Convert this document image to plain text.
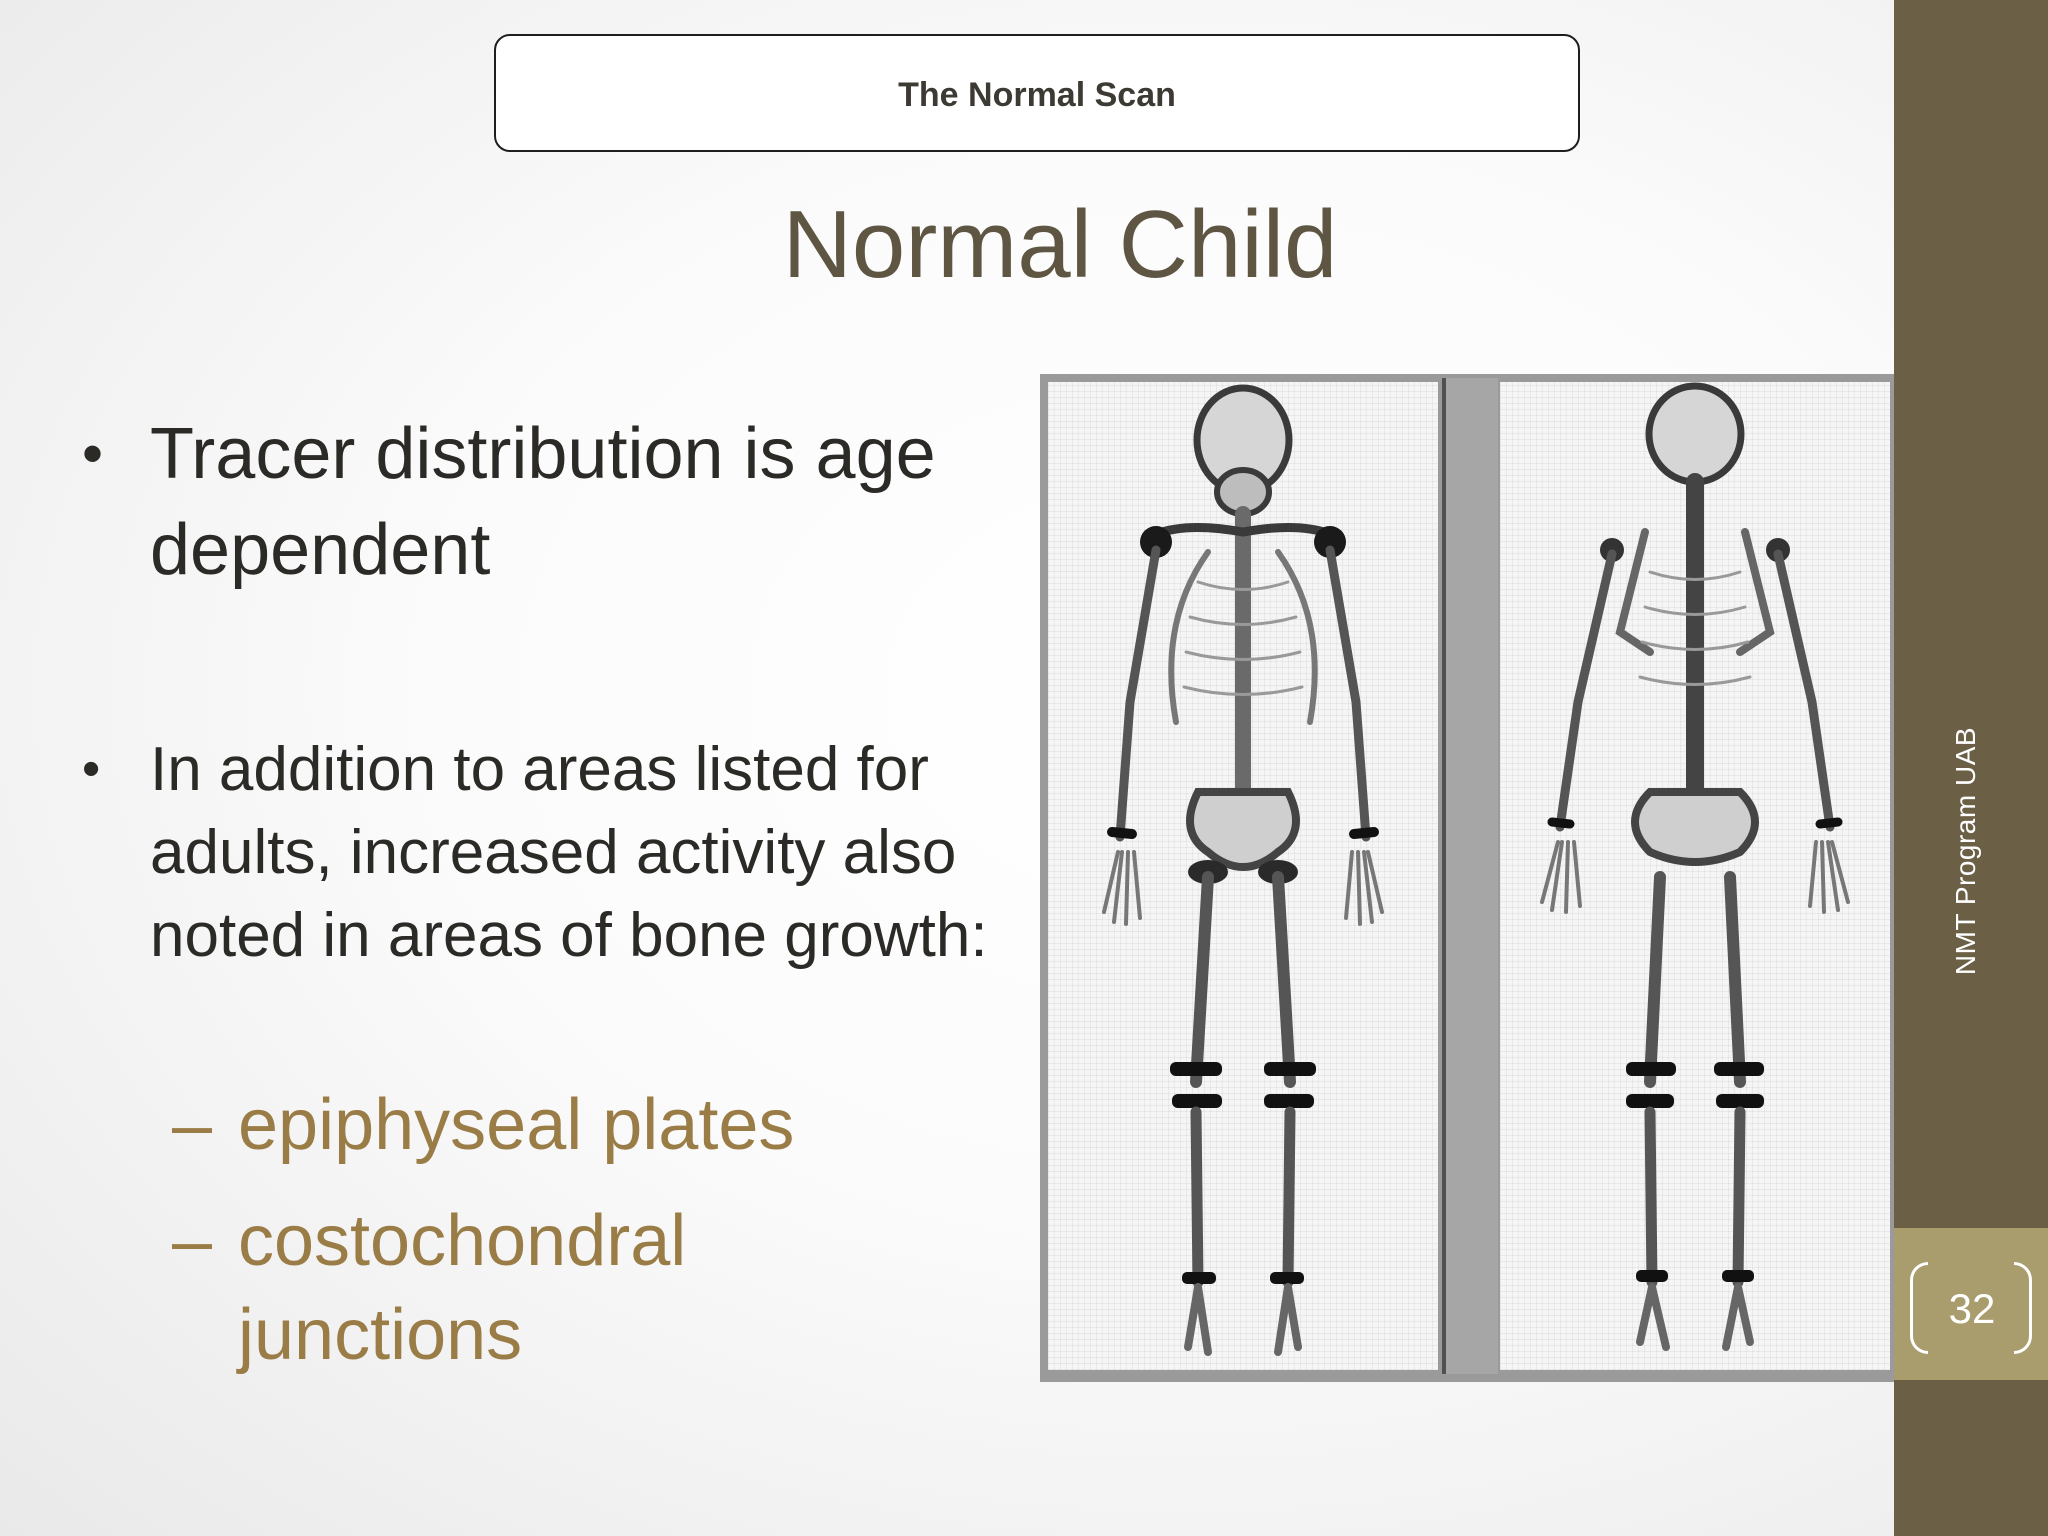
The Normal Scan
Normal Child
• Tracer distribution is age dependent
• In addition to areas listed for adults, increased activity also noted in areas of bone growth:
– epiphyseal plates
– costochondral junctions
NMT Program UAB
32
